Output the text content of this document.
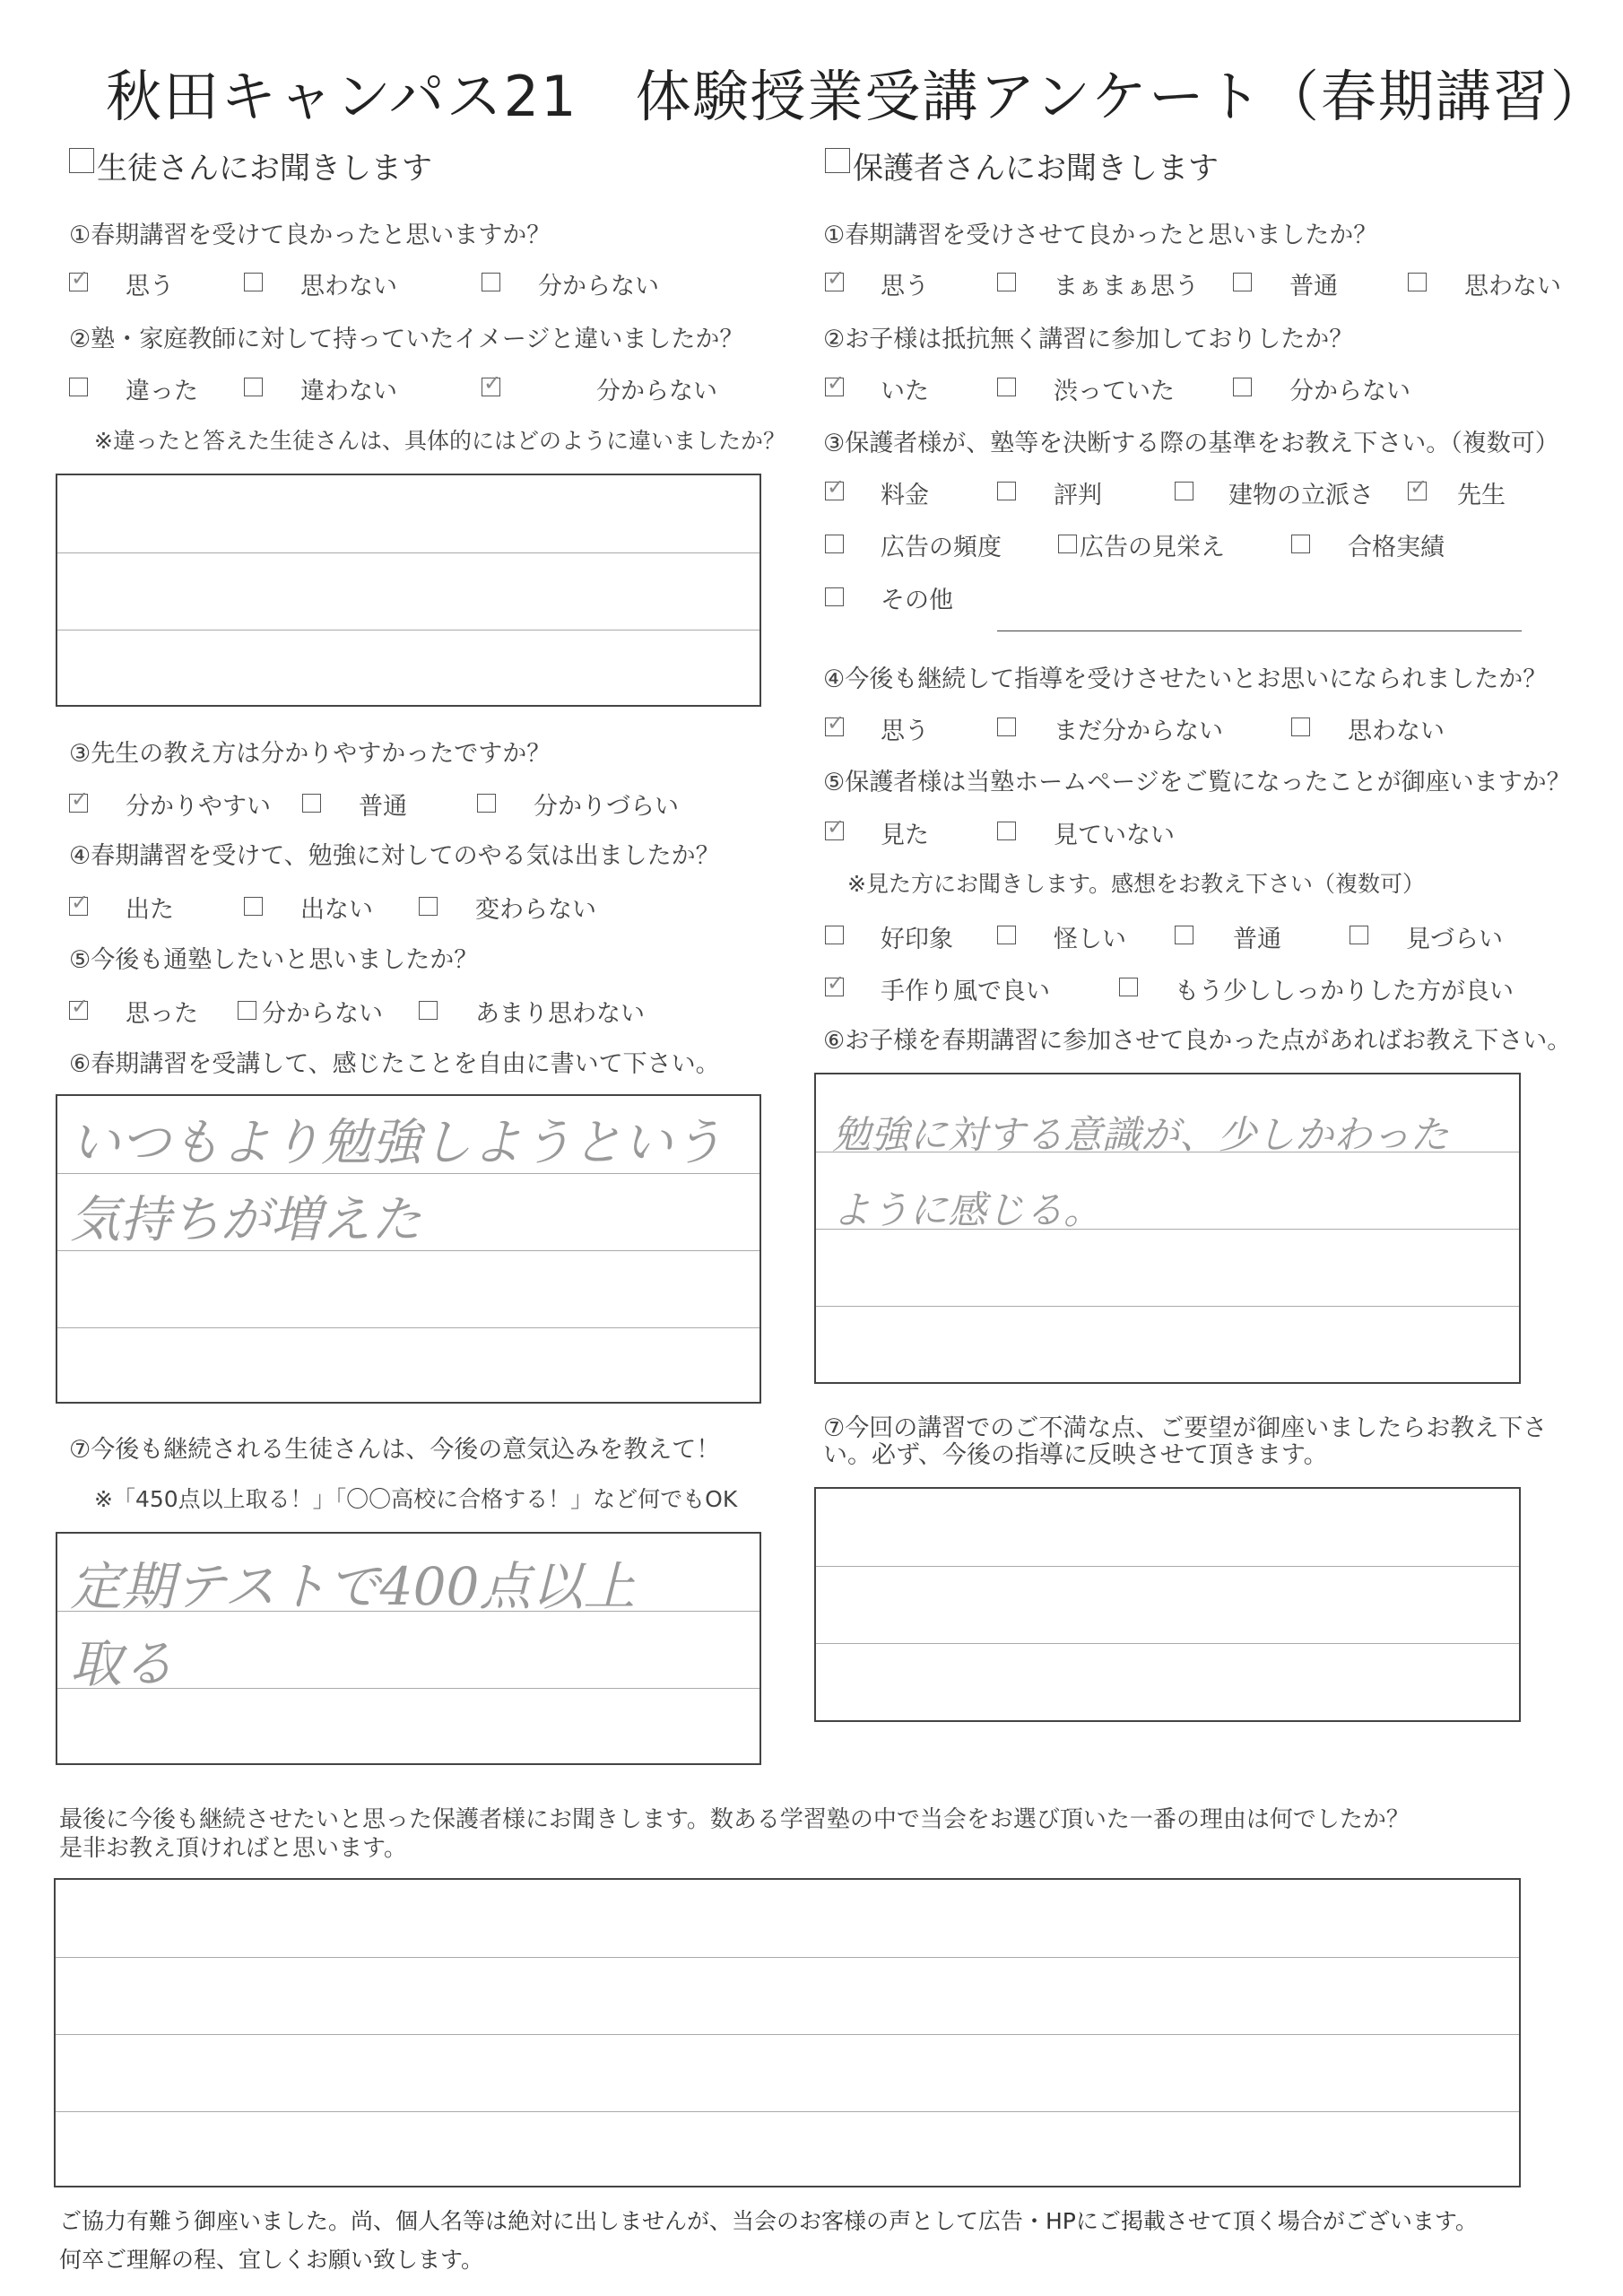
秋田キャンパス21　体験授業受講アンケート（春期講習）
生徒さんにお聞きします
①春期講習を受けて良かったと思いますか？
✓
思う	思わない	分からない
②塾・家庭教師に対して持っていたイメージと違いましたか？
違った	違わない ✓	分からない
※違ったと答えた生徒さんは、具体的にはどのように違いましたか？
③先生の教え方は分かりやすかったですか？
✓
分かりやすい	普通	分かりづらい
④春期講習を受けて、勉強に対してのやる気は出ましたか？
✓
出た	出ない	変わらない
⑤今後も通塾したいと思いましたか？
✓
思った	分からない	あまり思わない
⑥春期講習を受講して、感じたことを自由に書いて下さい。
いつもより勉強しようという
気持ちが増えた
⑦今後も継続される生徒さんは、今後の意気込みを教えて！
※「450点以上取る！」「〇〇高校に合格する！」など何でもOK
定期テストで400点以上
取る
保護者さんにお聞きします
①春期講習を受けさせて良かったと思いましたか？
✓
思う	まぁまぁ思う	普通	思わない
②お子様は抵抗無く講習に参加しておりしたか？
✓
いた	渋っていた	分からない
③保護者様が、塾等を決断する際の基準をお教え下さい。（複数可）
✓
料金	評判	建物の立派さ ✓	先生
広告の頻度	広告の見栄え	合格実績
その他
④今後も継続して指導を受けさせたいとお思いになられましたか？
✓
思う	まだ分からない	思わない
⑤保護者様は当塾ホームページをご覧になったことが御座いますか？
✓
見た	見ていない
※見た方にお聞きします。感想をお教え下さい（複数可）
好印象	怪しい	普通	見づらい
✓
手作り風で良い	もう少ししっかりした方が良い
⑥お子様を春期講習に参加させて良かった点があればお教え下さい。
勉強に対する意識が、少しかわった
ように感じる。
⑦今回の講習でのご不満な点、ご要望が御座いましたらお教え下さ
い。必ず、今後の指導に反映させて頂きます。
最後に今後も継続させたいと思った保護者様にお聞きします。数ある学習塾の中で当会をお選び頂いた一番の理由は何でしたか？
是非お教え頂ければと思います。
ご協力有難う御座いました。尚、個人名等は絶対に出しませんが、当会のお客様の声として広告・HPにご掲載させて頂く場合がございます。
何卒ご理解の程、宜しくお願い致します。
